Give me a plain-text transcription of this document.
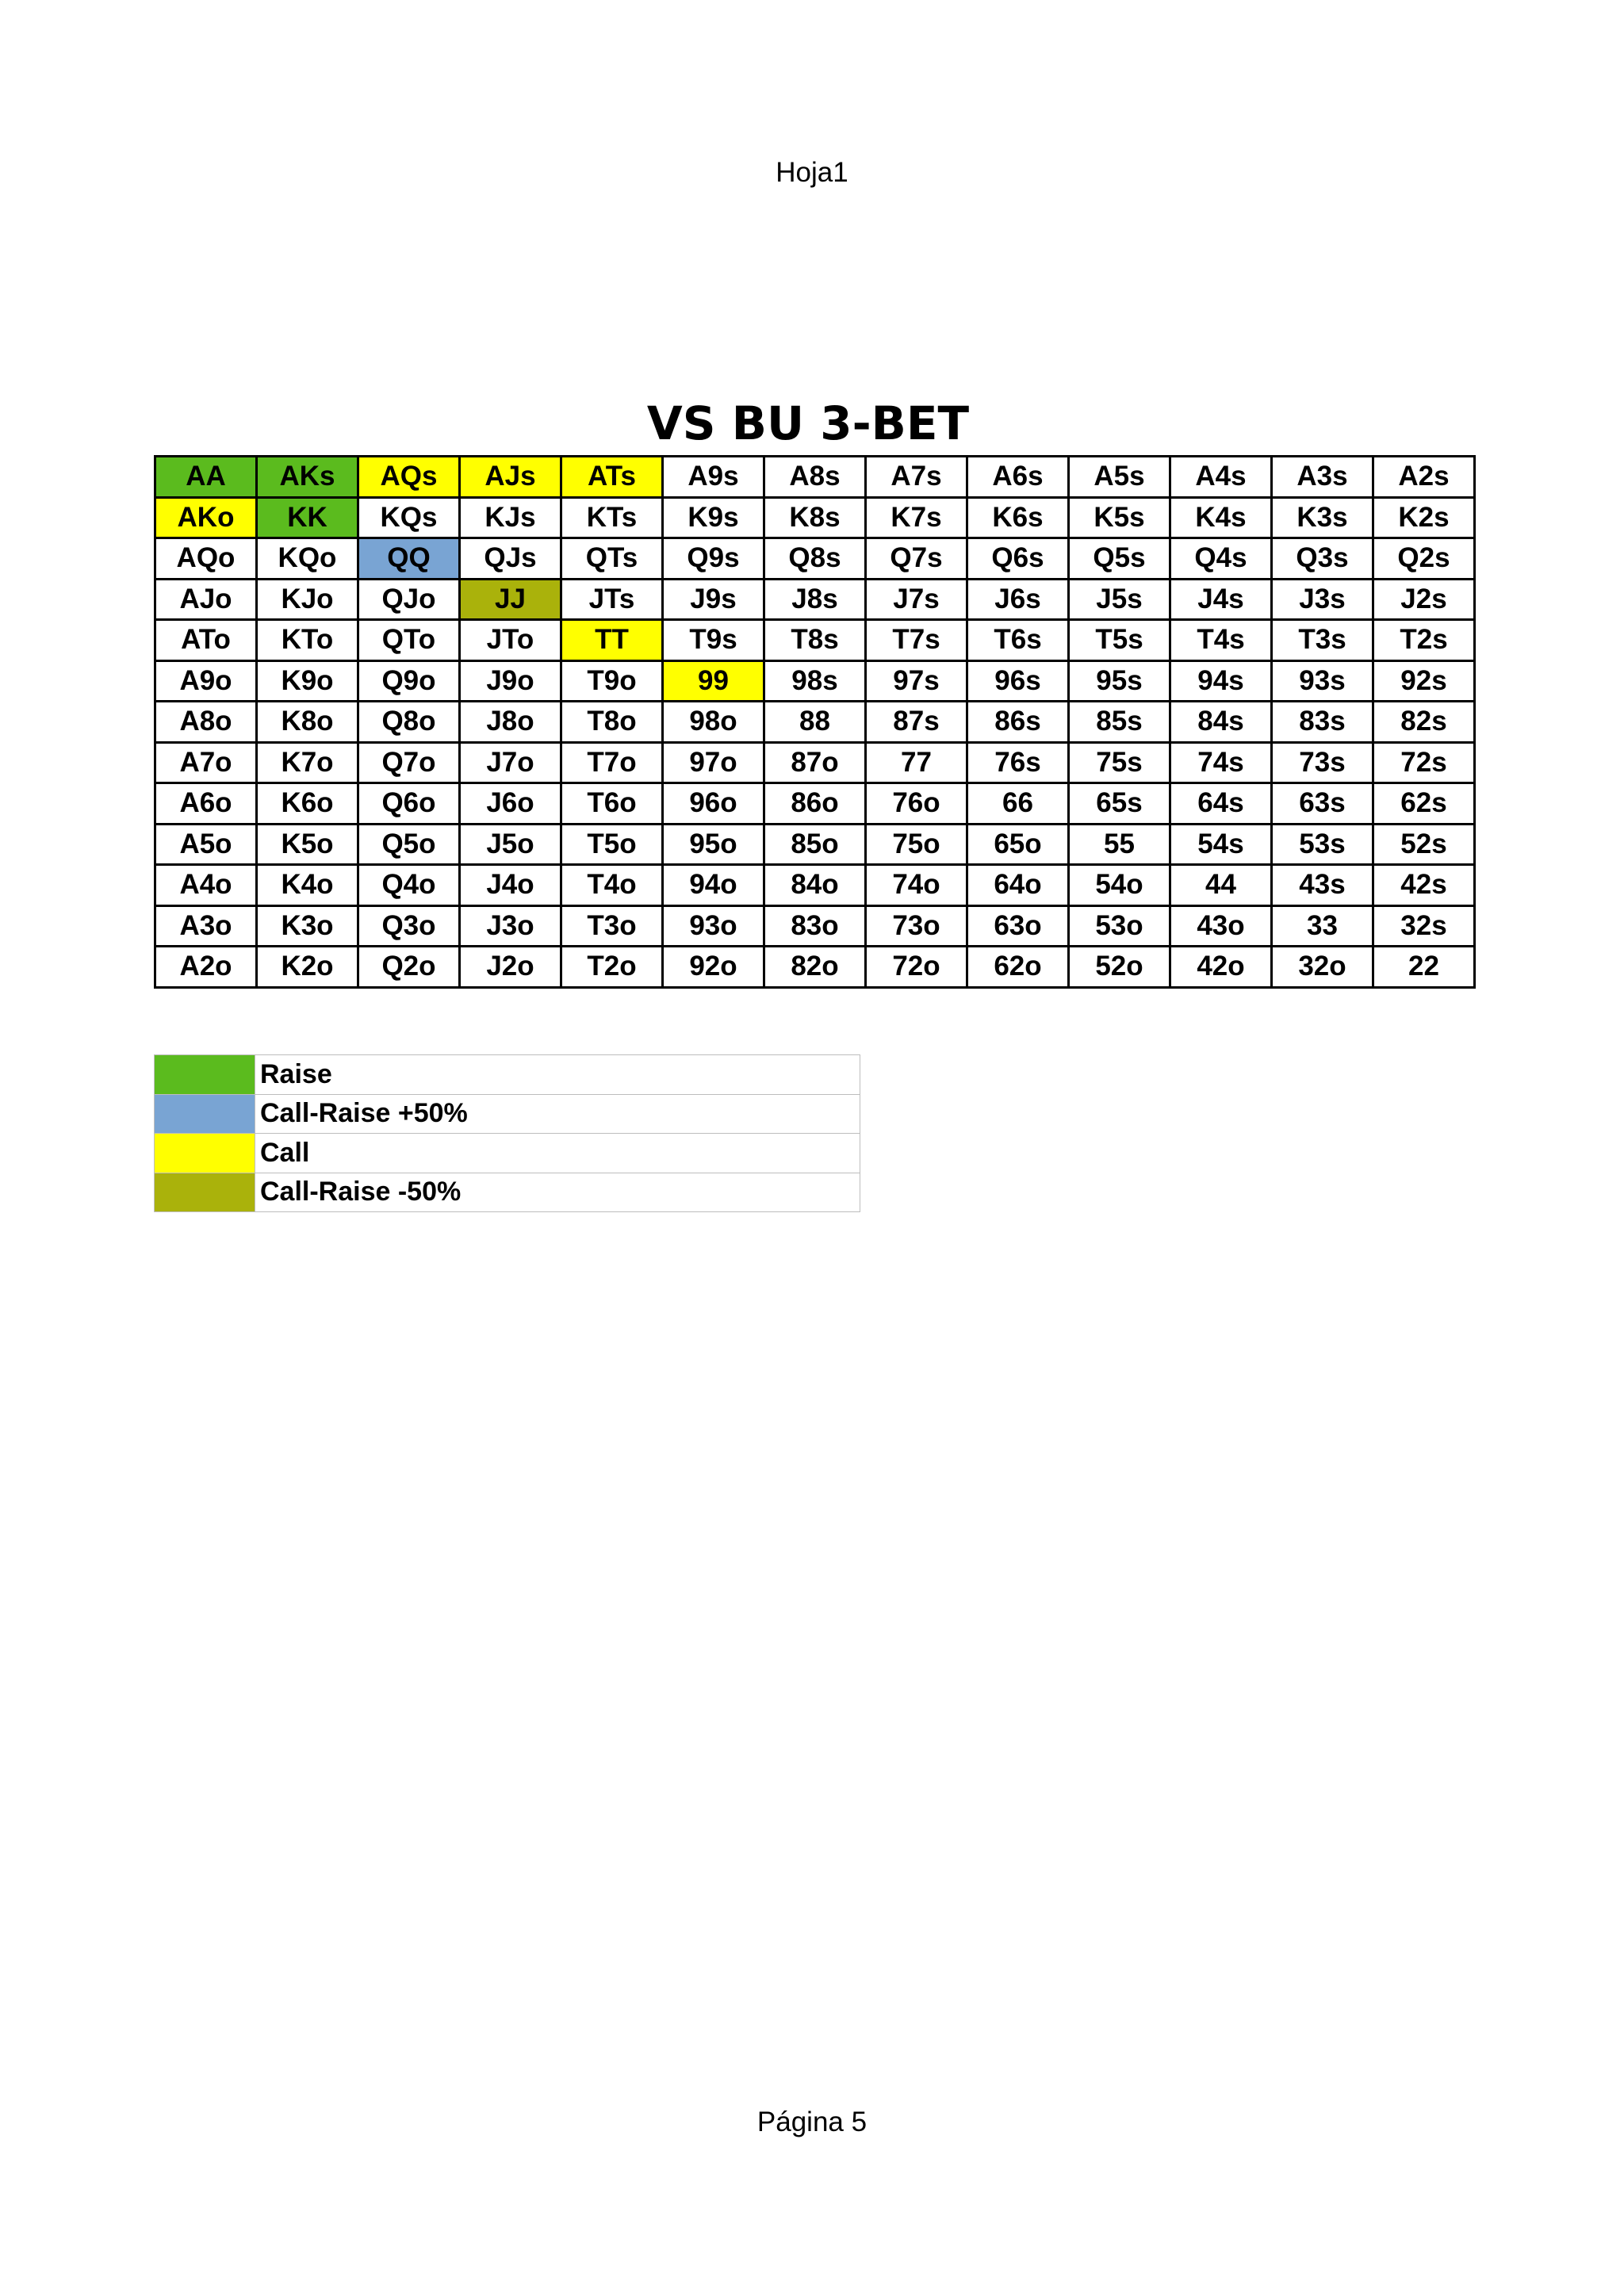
Hoja1
VS BU 3-BET
AA	AKs	AQs	AJs	ATs	A9s	A8s	A7s	A6s	A5s	A4s	A3s	A2s
AKo	KK	KQs	KJs	KTs	K9s	K8s	K7s	K6s	K5s	K4s	K3s	K2s
AQo	KQo	QQ	QJs	QTs	Q9s	Q8s	Q7s	Q6s	Q5s	Q4s	Q3s	Q2s
AJo	KJo	QJo	JJ	JTs	J9s	J8s	J7s	J6s	J5s	J4s	J3s	J2s
ATo	KTo	QTo	JTo	TT	T9s	T8s	T7s	T6s	T5s	T4s	T3s	T2s
A9o	K9o	Q9o	J9o	T9o	99	98s	97s	96s	95s	94s	93s	92s
A8o	K8o	Q8o	J8o	T8o	98o	88	87s	86s	85s	84s	83s	82s
A7o	K7o	Q7o	J7o	T7o	97o	87o	77	76s	75s	74s	73s	72s
A6o	K6o	Q6o	J6o	T6o	96o	86o	76o	66	65s	64s	63s	62s
A5o	K5o	Q5o	J5o	T5o	95o	85o	75o	65o	55	54s	53s	52s
A4o	K4o	Q4o	J4o	T4o	94o	84o	74o	64o	54o	44	43s	42s
A3o	K3o	Q3o	J3o	T3o	93o	83o	73o	63o	53o	43o	33	32s
A2o	K2o	Q2o	J2o	T2o	92o	82o	72o	62o	52o	42o	32o	22
	Raise
	Call-Raise +50%
	Call
	Call-Raise -50%
Página 5
